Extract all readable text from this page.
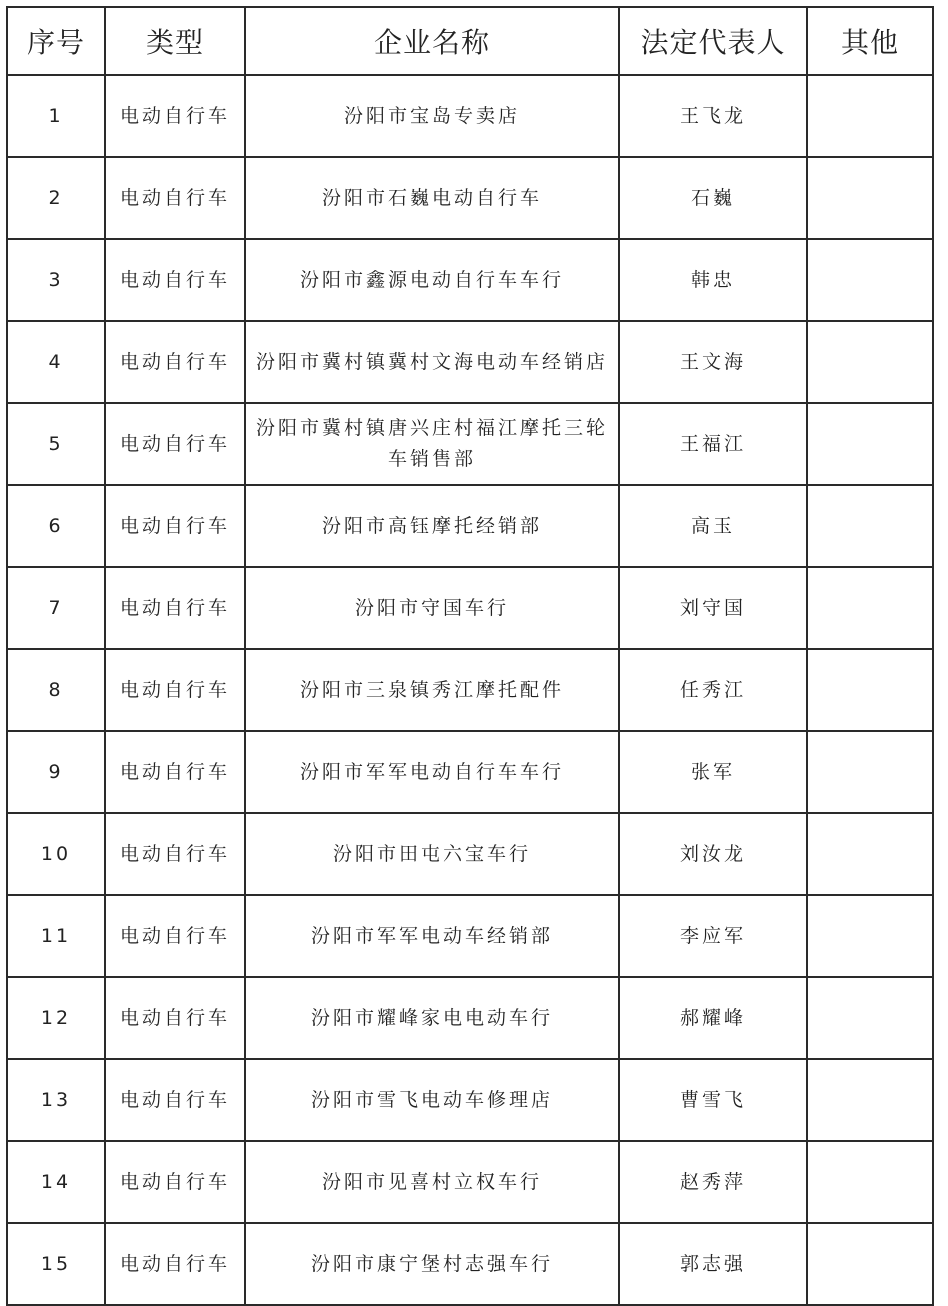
序号	类型	企业名称	法定代表人	其他
1	电动自行车	汾阳市宝岛专卖店	王飞龙	
2	电动自行车	汾阳市石巍电动自行车	石巍	
3	电动自行车	汾阳市鑫源电动自行车车行	韩忠	
4	电动自行车	汾阳市冀村镇冀村文海电动车经销店	王文海	
5	电动自行车	汾阳市冀村镇唐兴庄村福江摩托三轮车销售部	王福江	
6	电动自行车	汾阳市高钰摩托经销部	高玉	
7	电动自行车	汾阳市守国车行	刘守国	
8	电动自行车	汾阳市三泉镇秀江摩托配件	任秀江	
9	电动自行车	汾阳市军军电动自行车车行	张军	
10	电动自行车	汾阳市田屯六宝车行	刘汝龙	
11	电动自行车	汾阳市军军电动车经销部	李应军	
12	电动自行车	汾阳市耀峰家电电动车行	郝耀峰	
13	电动自行车	汾阳市雪飞电动车修理店	曹雪飞	
14	电动自行车	汾阳市见喜村立权车行	赵秀萍	
15	电动自行车	汾阳市康宁堡村志强车行	郭志强	
